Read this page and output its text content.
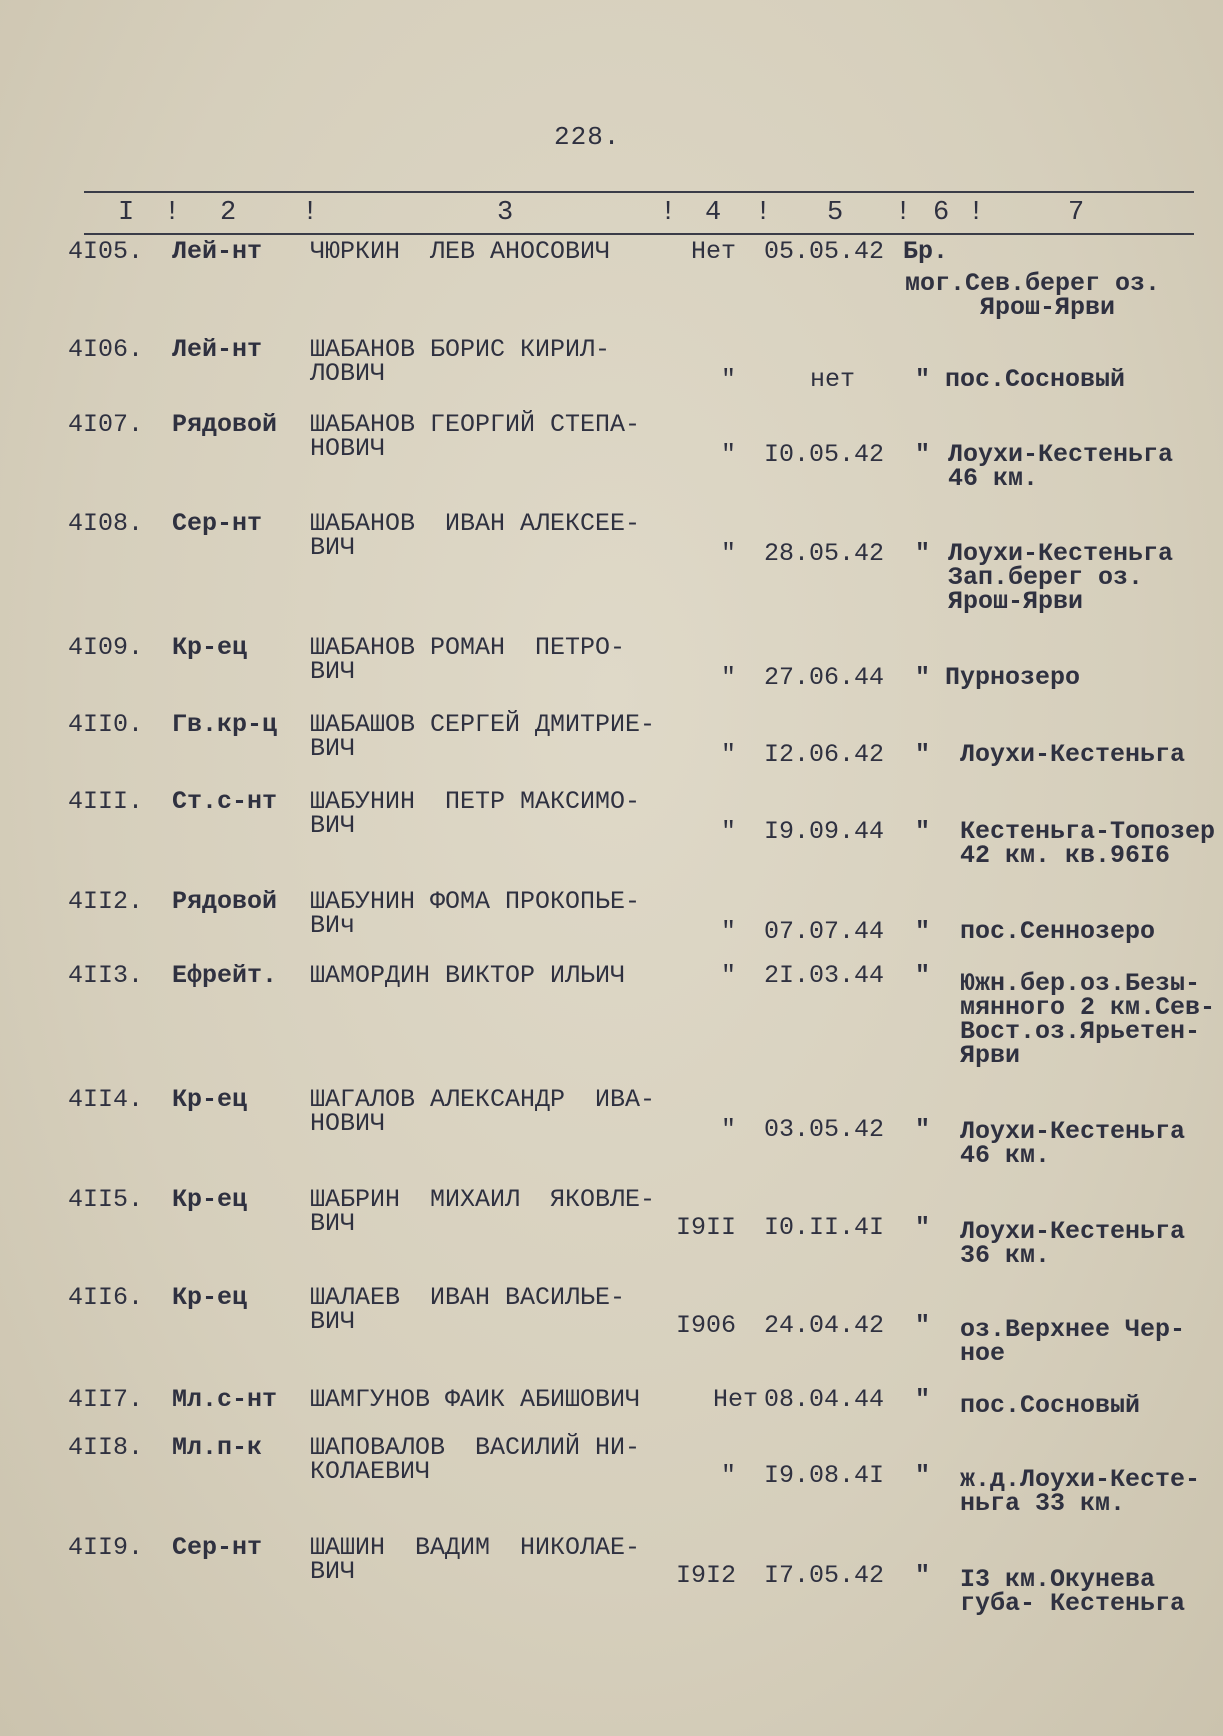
228.
I ! 2 !	3	! 4 ! 5 ! 6 !	7
4I05. Лей-нт ЧЮРКИН  ЛЕВ АНОСОВИЧ	Нет 05.05.42 Бр.
мог.Сев.берег оз.
Ярош-Ярви
4I06. Лей-нт ШАБАНОВ БОРИС КИРИЛ-
ЛОВИЧ	"	нет " пос.Сосновый
4I07. Рядовой ШАБАНОВ ГЕОРГИЙ СТЕПА-
НОВИЧ	" I0.05.42 " Лоухи-Кестеньга
46 км.
4I08. Сер-нт ШАБАНОВ  ИВАН АЛЕКСЕЕ-
ВИЧ	" 28.05.42 " Лоухи-Кестеньга
Зап.берег оз.
Ярош-Ярви
4I09. Кр-ец	ШАБАНОВ РОМАН  ПЕТРО-
ВИЧ	" 27.06.44 " Пурнозеро
4II0. Гв.кр-ц ШАБАШОВ СЕРГЕЙ ДМИТРИЕ-
ВИЧ	" I2.06.42 " Лоухи-Кестеньга
4III. Ст.с-нт ШАБУНИН  ПЕТР МАКСИМО-
ВИЧ	" I9.09.44 " Кестеньга-Топозер
42 км. кв.96I6
4II2. Рядовой ШАБУНИН ФОМА ПРОКОПЬЕ-
ВИч	" 07.07.44 " пос.Сеннозеро
4II3. Ефрейт. ШАМОРДИН ВИКТОР ИЛЬИЧ	" 2I.03.44 " Южн.бер.оз.Безы-
мянного 2 км.Сев-
Вост.оз.Ярьетен-
Ярви
4II4. Кр-ец	ШАГАЛОВ АЛЕКСАНДР  ИВА-
НОВИЧ	" 03.05.42 " Лоухи-Кестеньга
46 км.
4II5. Кр-ец	ШАБРИН  МИХАИЛ  ЯКОВЛЕ-
ВИЧ	I9II I0.II.4I " Лоухи-Кестеньга
36 км.
4II6. Кр-ец	ШАЛАЕВ  ИВАН ВАСИЛЬЕ-
ВИЧ	I906 24.04.42 " оз.Верхнее Чер-
ное
4II7. Мл.с-нт ШАМГУНОВ ФАИК АБИШОВИЧ	Нет 08.04.44 " пос.Сосновый
4II8. Мл.п-к ШАПОВАЛОВ  ВАСИЛИЙ НИ-
КОЛАЕВИЧ	" I9.08.4I " ж.д.Лоухи-Кесте-
ньга 33 км.
4II9. Сер-нт ШАШИН  ВАДИМ  НИКОЛАЕ-
ВИЧ	I9I2 I7.05.42 " I3 км.Окунева
губа- Кестеньга
